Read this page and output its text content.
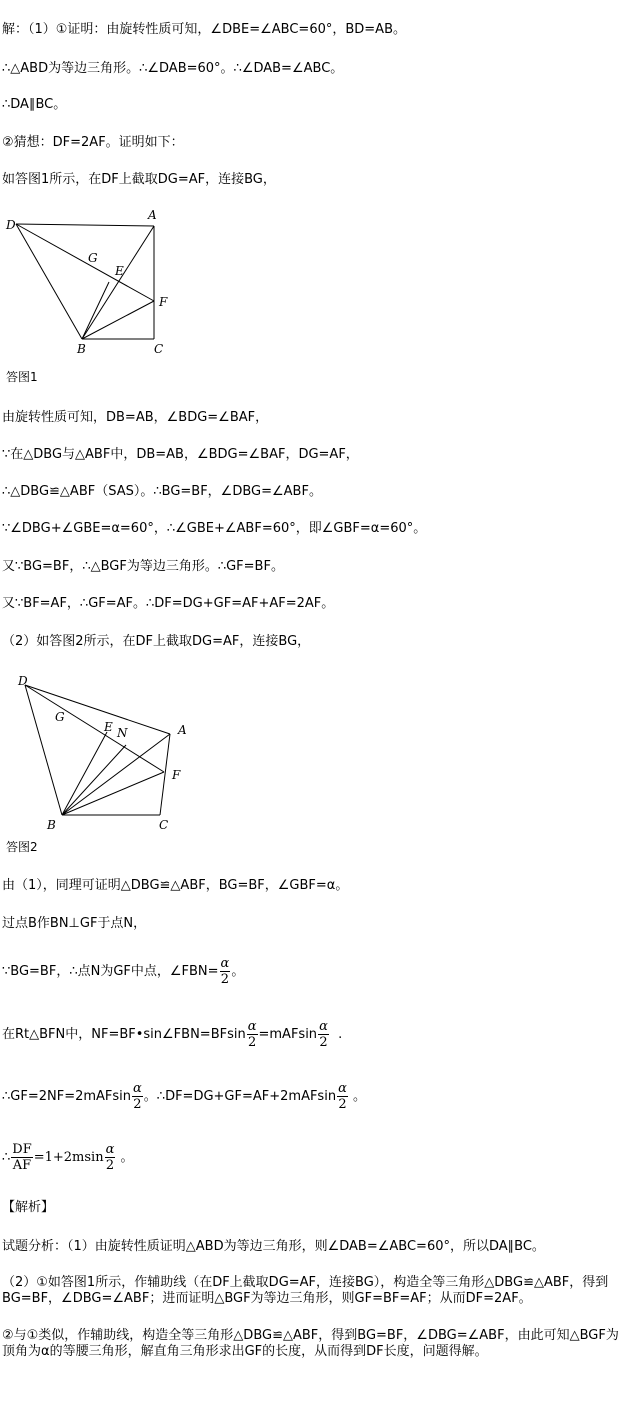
解：（1）①证明：由旋转性质可知，∠DBE=∠ABC=60°，BD=AB。
∴△ABD为等边三角形。∴∠DAB=60°。∴∠DAB=∠ABC。
∴DA∥BC。
②猜想：DF=2AF。证明如下：
如答图1所示，在DF上截取DG=AF，连接BG，
D
A
G
E
F
B	C
答图1
由旋转性质可知，DB=AB，∠BDG=∠BAF，
∵在△DBG与△ABF中，DB=AB，∠BDG=∠BAF，DG=AF，
∴△DBG≌△ABF（SAS）。∴BG=BF，∠DBG=∠ABF。
∵∠DBG+∠GBE=α=60°，∴∠GBE+∠ABF=60°，即∠GBF=α=60°。
又∵BG=BF，∴△BGF为等边三角形。∴GF=BF。
又∵BF=AF，∴GF=AF。∴DF=DG+GF=AF+AF=2AF。
（2）如答图2所示，在DF上截取DG=AF，连接BG，
D
A
G
E N
F
B	C
答图2
由（1），同理可证明△DBG≌△ABF，BG=BF，∠GBF=α。
过点B作BN⊥GF于点N，
∵BG=BF，∴点N为GF中点，∠FBN= $\frac{\alpha}{2}$ 。
在Rt△BFN中，NF=BF•sin∠FBN=BFsin $\frac{\alpha}{2} =mAFsin \frac{\alpha}{2}$ .
∴GF=2NF=2mAFsin $\frac{\alpha}{2}$ 。∴DF=DG+GF=AF+2mAFsin $\frac{\alpha}{2}$ 。
∴ $\frac{DF}{AF} =1+2msin \frac{\alpha}{2}$ 。
【解析】
试题分析：（1）由旋转性质证明△ABD为等边三角形，则∠DAB=∠ABC=60°，所以DA∥BC。
（2）①如答图1所示，作辅助线（在DF上截取DG=AF，连接BG），构造全等三角形△DBG≌△ABF，得到BG=BF，∠DBG=∠ABF；进而证明△BGF为等边三角形，则GF=BF=AF；从而DF=2AF。
②与①类似，作辅助线，构造全等三角形△DBG≌△ABF，得到BG=BF，∠DBG=∠ABF，由此可知△BGF为顶角为α的等腰三角形，解直角三角形求出GF的长度，从而得到DF长度，问题得解。
